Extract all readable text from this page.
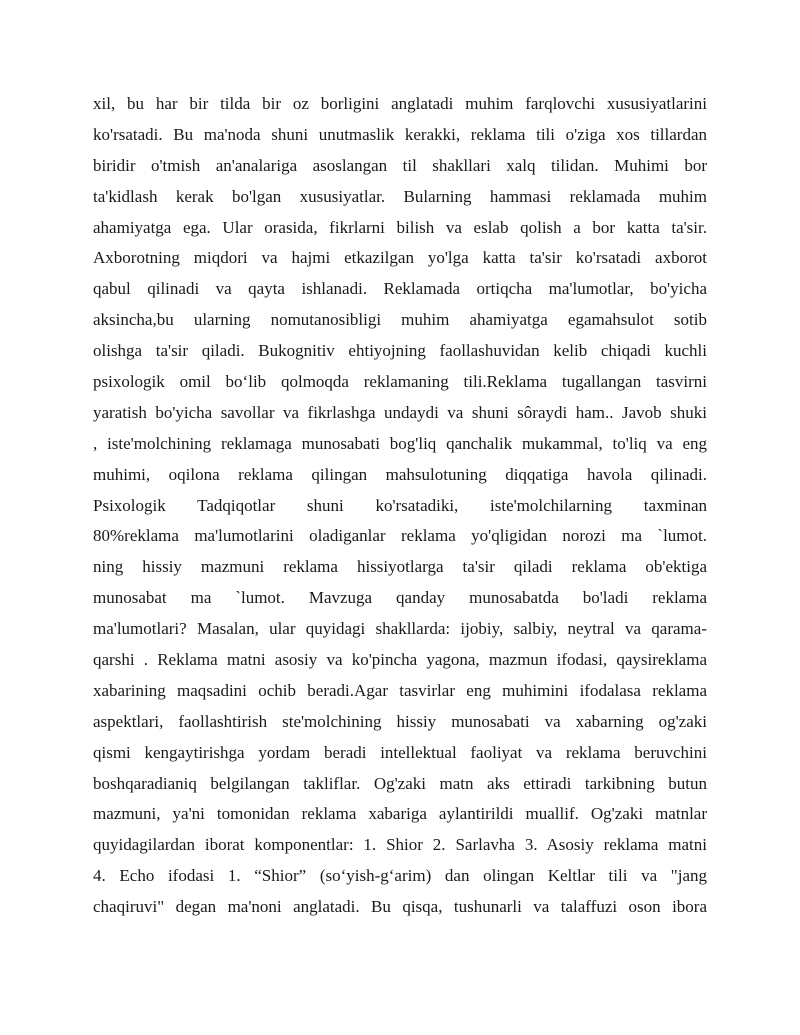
xil, bu har bir tilda bir oz borligini anglatadi muhim farqlovchi xususiyatlarini
ko'rsatadi. Bu ma'noda shuni unutmaslik kerakki, reklama tili o'ziga xos tillardan
biridir o'tmish an'analariga asoslangan til shakllari xalq tilidan. Muhimi bor
ta'kidlash kerak bo'lgan xususiyatlar. Bularning hammasi reklamada muhim
ahamiyatga ega. Ular orasida, fikrlarni bilish va eslab qolish a bor katta ta'sir.
Axborotning miqdori va hajmi etkazilgan yo'lga katta ta'sir ko'rsatadi axborot
qabul qilinadi va qayta ishlanadi. Reklamada ortiqcha ma'lumotlar, bo'yicha
aksincha,bu ularning nomutanosibligi muhim ahamiyatga egamahsulot sotib
olishga ta'sir qiladi. Bukognitiv ehtiyojning faollashuvidan kelib chiqadi kuchli
psixologik omil bo‘lib qolmoqda reklamaning tili.Reklama tugallangan tasvirni
yaratish bo'yicha savollar va fikrlashga undaydi va shuni sôraydi ham.. Javob shuki
, iste'molchining reklamaga munosabati bog'liq qanchalik mukammal, to'liq va eng
muhimi, oqilona reklama qilingan mahsulotuning diqqatiga havola qilinadi.
Psixologik Tadqiqotlar shuni ko'rsatadiki, iste'molchilarning taxminan
80%reklama ma'lumotlarini oladiganlar reklama yo'qligidan norozi ma `lumot.
ning hissiy mazmuni reklama hissiyotlarga ta'sir qiladi reklama ob'ektiga
munosabat ma `lumot. Mavzuga qanday munosabatda bo'ladi reklama
ma'lumotlari? Masalan, ular quyidagi shakllarda: ijobiy, salbiy, neytral va qarama-
qarshi . Reklama matni asosiy va ko'pincha yagona, mazmun ifodasi, qaysireklama
xabarining maqsadini ochib beradi.Agar tasvirlar eng muhimini ifodalasa reklama
aspektlari, faollashtirish ste'molchining hissiy munosabati va xabarning og'zaki
qismi kengaytirishga yordam beradi intellektual faoliyat va reklama beruvchini
boshqaradianiq belgilangan takliflar. Og'zaki matn aks ettiradi tarkibning butun
mazmuni, ya'ni tomonidan reklama xabariga aylantirildi muallif. Og'zaki matnlar
quyidagilardan iborat komponentlar: 1. Shior 2. Sarlavha 3. Asosiy reklama matni
4. Echo ifodasi 1. “Shior” (so‘yish-g‘arim) dan olingan Keltlar tili va "jang
chaqiruvi" degan ma'noni anglatadi. Bu qisqa, tushunarli va talaffuzi oson ibora
